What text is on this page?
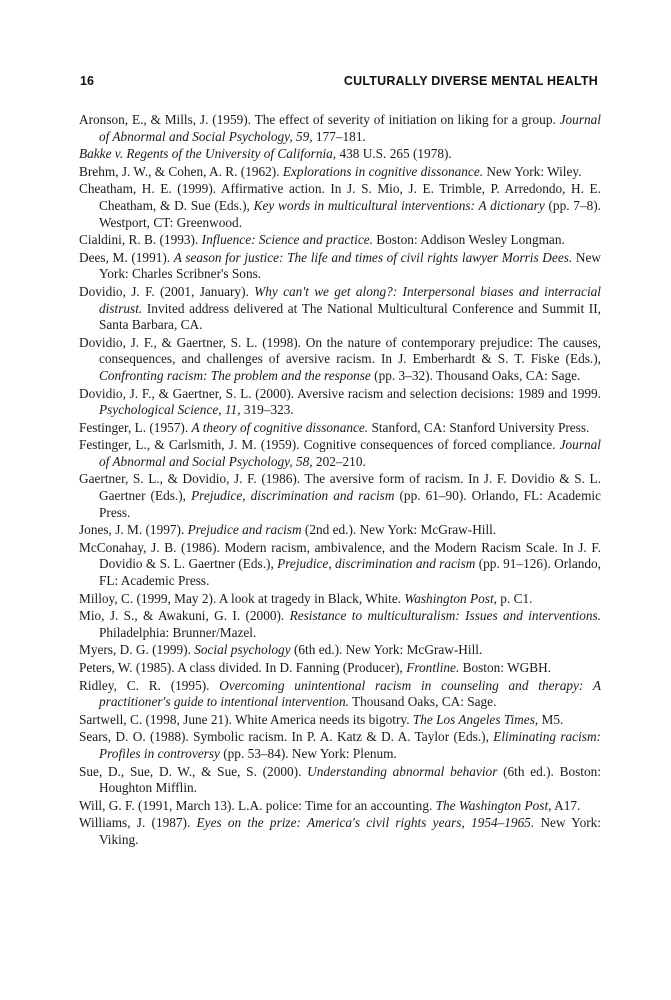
16	CULTURALLY DIVERSE MENTAL HEALTH
Aronson, E., & Mills, J. (1959). The effect of severity of initiation on liking for a group. Journal of Abnormal and Social Psychology, 59, 177–181.
Bakke v. Regents of the University of California, 438 U.S. 265 (1978).
Brehm, J. W., & Cohen, A. R. (1962). Explorations in cognitive dissonance. New York: Wiley.
Cheatham, H. E. (1999). Affirmative action. In J. S. Mio, J. E. Trimble, P. Arredondo, H. E. Cheatham, & D. Sue (Eds.), Key words in multicultural interventions: A dictionary (pp. 7–8). Westport, CT: Greenwood.
Cialdini, R. B. (1993). Influence: Science and practice. Boston: Addison Wesley Longman.
Dees, M. (1991). A season for justice: The life and times of civil rights lawyer Morris Dees. New York: Charles Scribner's Sons.
Dovidio, J. F. (2001, January). Why can't we get along?: Interpersonal biases and interracial distrust. Invited address delivered at The National Multicultural Conference and Summit II, Santa Barbara, CA.
Dovidio, J. F., & Gaertner, S. L. (1998). On the nature of contemporary prejudice: The causes, consequences, and challenges of aversive racism. In J. Emberhardt & S. T. Fiske (Eds.), Confronting racism: The problem and the response (pp. 3–32). Thousand Oaks, CA: Sage.
Dovidio, J. F., & Gaertner, S. L. (2000). Aversive racism and selection decisions: 1989 and 1999. Psychological Science, 11, 319–323.
Festinger, L. (1957). A theory of cognitive dissonance. Stanford, CA: Stanford University Press.
Festinger, L., & Carlsmith, J. M. (1959). Cognitive consequences of forced compliance. Journal of Abnormal and Social Psychology, 58, 202–210.
Gaertner, S. L., & Dovidio, J. F. (1986). The aversive form of racism. In J. F. Dovidio & S. L. Gaertner (Eds.), Prejudice, discrimination and racism (pp. 61–90). Orlando, FL: Academic Press.
Jones, J. M. (1997). Prejudice and racism (2nd ed.). New York: McGraw-Hill.
McConahay, J. B. (1986). Modern racism, ambivalence, and the Modern Racism Scale. In J. F. Dovidio & S. L. Gaertner (Eds.), Prejudice, discrimination and racism (pp. 91–126). Orlando, FL: Academic Press.
Milloy, C. (1999, May 2). A look at tragedy in Black, White. Washington Post, p. C1.
Mio, J. S., & Awakuni, G. I. (2000). Resistance to multiculturalism: Issues and interventions. Philadelphia: Brunner/Mazel.
Myers, D. G. (1999). Social psychology (6th ed.). New York: McGraw-Hill.
Peters, W. (1985). A class divided. In D. Fanning (Producer), Frontline. Boston: WGBH.
Ridley, C. R. (1995). Overcoming unintentional racism in counseling and therapy: A practitioner's guide to intentional intervention. Thousand Oaks, CA: Sage.
Sartwell, C. (1998, June 21). White America needs its bigotry. The Los Angeles Times, M5.
Sears, D. O. (1988). Symbolic racism. In P. A. Katz & D. A. Taylor (Eds.), Eliminating racism: Profiles in controversy (pp. 53–84). New York: Plenum.
Sue, D., Sue, D. W., & Sue, S. (2000). Understanding abnormal behavior (6th ed.). Boston: Houghton Mifflin.
Will, G. F. (1991, March 13). L.A. police: Time for an accounting. The Washington Post, A17.
Williams, J. (1987). Eyes on the prize: America's civil rights years, 1954–1965. New York: Viking.
